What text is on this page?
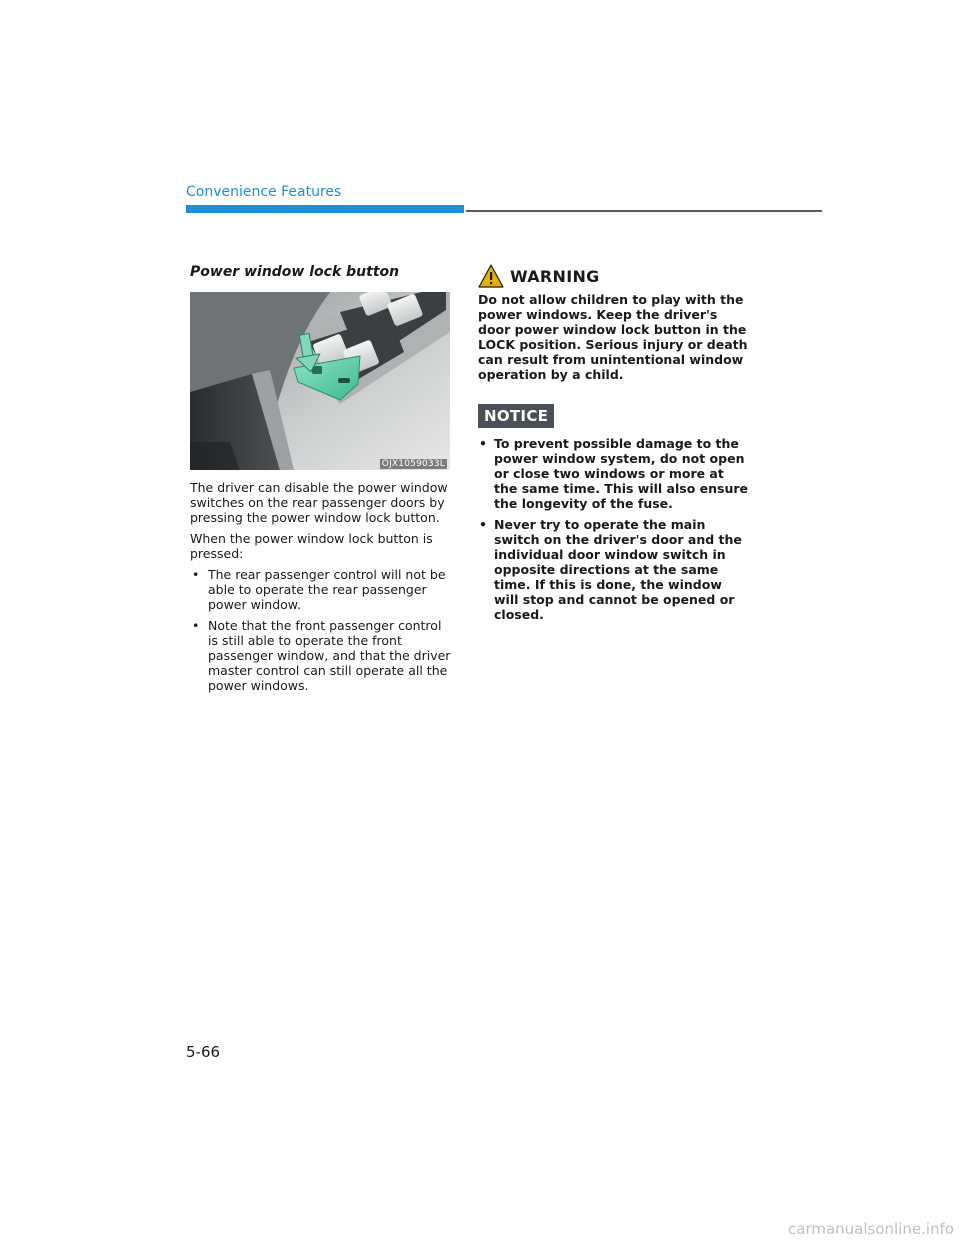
Convenience Features
Power window lock button
OJX1059033L

The driver can disable the power window switches on the rear passenger doors by pressing the power window lock button.

When the power window lock button is pressed:

• The rear passenger control will not be able to operate the rear passenger power window.
• Note that the front passenger control is still able to operate the front passenger window, and that the driver master control can still operate all the power windows.
WARNING

Do not allow children to play with the power windows. Keep the driver's door power window lock button in the LOCK position. Serious injury or death can result from unintentional window operation by a child.

NOTICE
• To prevent possible damage to the power window system, do not open or close two windows or more at the same time. This will also ensure the longevity of the fuse.
• Never try to operate the main switch on the driver's door and the individual door window switch in opposite directions at the same time. If this is done, the window will stop and cannot be opened or closed.
5-66
carmanualsonline.info
